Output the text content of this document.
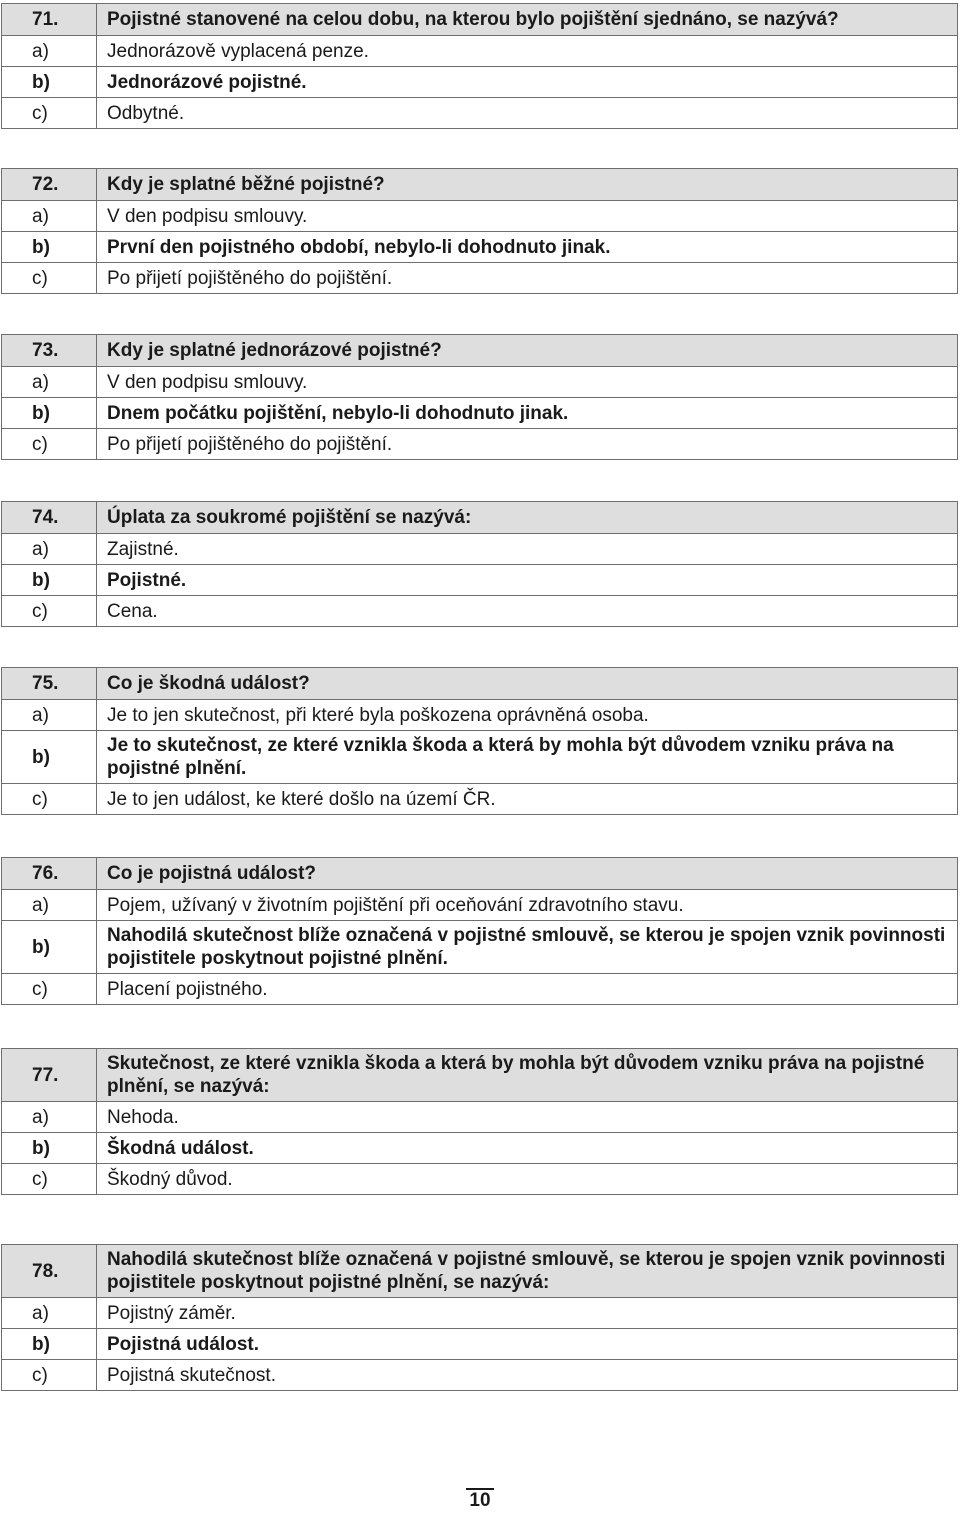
71.	Pojistné stanovené na celou dobu, na kterou bylo pojištění sjednáno, se nazývá?
a)	Jednorázově vyplacená penze.
b)	Jednorázové pojistné.
c)	Odbytné.
72.	Kdy je splatné běžné pojistné?
a)	V den podpisu smlouvy.
b)	První den pojistného období, nebylo-li dohodnuto jinak.
c)	Po přijetí pojištěného do pojištění.
73.	Kdy je splatné jednorázové pojistné?
a)	V den podpisu smlouvy.
b)	Dnem počátku pojištění, nebylo-li dohodnuto jinak.
c)	Po přijetí pojištěného do pojištění.
74.	Úplata za soukromé pojištění se nazývá:
a)	Zajistné.
b)	Pojistné.
c)	Cena.
75.	Co je škodná událost?
a)	Je to jen skutečnost, při které byla poškozena oprávněná osoba.
b)	Je to skutečnost, ze které vznikla škoda a která by mohla být důvodem vzniku práva na pojistné plnění.
c)	Je to jen událost, ke které došlo na území ČR.
76.	Co je pojistná událost?
a)	Pojem, užívaný v životním pojištění při oceňování zdravotního stavu.
b)	Nahodilá skutečnost blíže označená v pojistné smlouvě, se kterou je spojen vznik povinnosti pojistitele poskytnout pojistné plnění.
c)	Placení pojistného.
77.	Skutečnost, ze které vznikla škoda a která by mohla být důvodem vzniku práva na pojistné plnění, se nazývá:
a)	Nehoda.
b)	Škodná událost.
c)	Škodný důvod.
78.	Nahodilá skutečnost blíže označená v pojistné smlouvě, se kterou je spojen vznik povinnosti pojistitele poskytnout pojistné plnění, se nazývá:
a)	Pojistný záměr.
b)	Pojistná událost.
c)	Pojistná skutečnost.
10
